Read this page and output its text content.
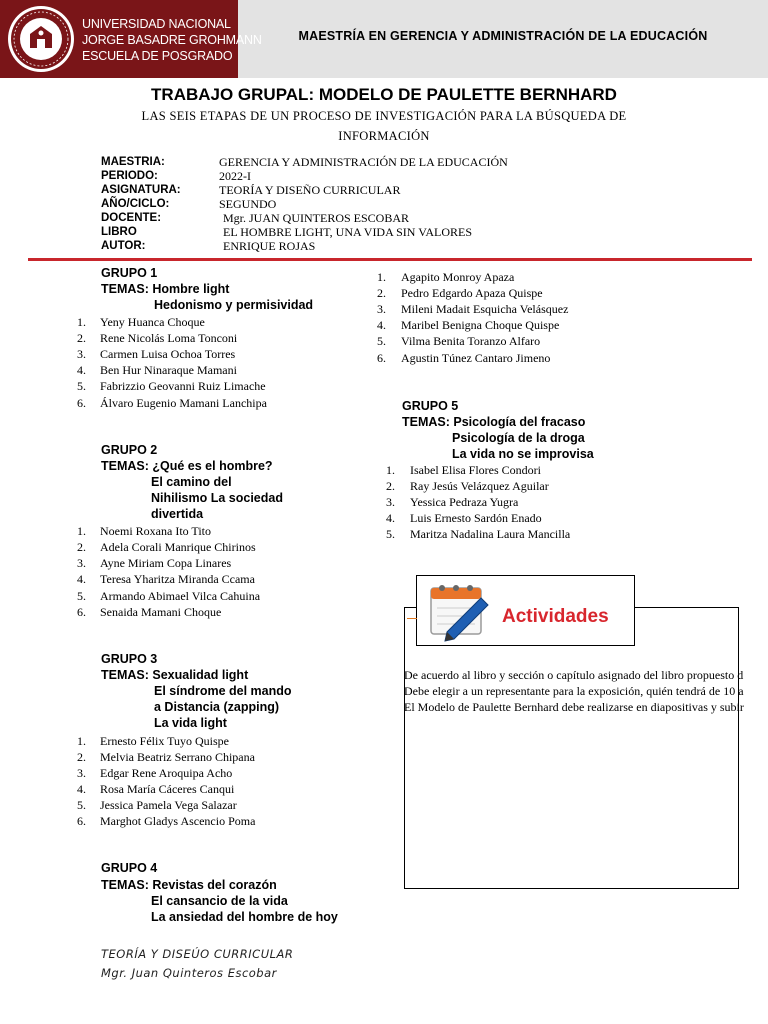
UNIVERSIDAD NACIONAL
JORGE BASADRE GROHMANN
ESCUELA DE POSGRADO
MAESTRÍA EN GERENCIA Y ADMINISTRACIÓN DE LA EDUCACIÓN
TRABAJO GRUPAL: MODELO DE PAULETTE BERNHARD
LAS SEIS ETAPAS DE UN PROCESO DE INVESTIGACIÓN PARA LA BÚSQUEDA DE
INFORMACIÓN
MAESTRIA:	GERENCIA Y ADMINISTRACIÓN DE LA EDUCACIÓN
PERIODO:	2022-I
ASIGNATURA:	TEORÍA Y DISEÑO CURRICULAR
AÑO/CICLO:	SEGUNDO
DOCENTE:	Mgr. JUAN QUINTEROS ESCOBAR
LIBRO	EL HOMBRE LIGHT, UNA VIDA SIN VALORES
AUTOR:	ENRIQUE ROJAS
GRUPO 1
TEMAS: Hombre light
Hedonismo y permisividad
1. Yeny Huanca Choque
2. Rene Nicolás Loma Tonconi
3. Carmen Luisa Ochoa Torres
4. Ben Hur Ninaraque Mamani
5. Fabrizzio Geovanni Ruiz Limache
6. Álvaro Eugenio Mamani Lanchipa
GRUPO 2
TEMAS: ¿Qué es el hombre?
El camino del
Nihilismo La sociedad
divertida
1. Noemi Roxana Ito Tito
2. Adela Corali Manrique Chirinos
3. Ayne Miriam Copa Linares
4. Teresa Yharitza Miranda Ccama
5. Armando Abimael Vilca Cahuina
6. Senaida Mamani Choque
GRUPO 3
TEMAS: Sexualidad light
El síndrome del mando
a Distancia (zapping)
La vida light
1. Ernesto Félix Tuyo Quispe
2. Melvia Beatriz Serrano Chipana
3. Edgar Rene Aroquipa Acho
4. Rosa María Cáceres Canqui
5. Jessica Pamela Vega Salazar
6. Marghot Gladys Ascencio Poma
GRUPO 4
TEMAS: Revistas del corazón
El cansancio de la vida
La ansiedad del hombre de hoy
1. Agapito Monroy Apaza
2. Pedro Edgardo Apaza Quispe
3. Mileni Madait Esquicha Velásquez
4. Maribel Benigna Choque Quispe
5. Vilma Benita Toranzo Alfaro
6. Agustin Túnez Cantaro Jimeno
GRUPO 5
TEMAS: Psicología del fracaso
Psicología de la droga
La vida no se improvisa
1. Isabel Elisa Flores Condori
2. Ray Jesús Velázquez Aguilar
3. Yessica Pedraza Yugra
4. Luis Ernesto Sardón Enado
5. Maritza Nadalina Laura Mancilla
Actividades
De acuerdo al libro y sección o capítulo asignado del libro propuesto d
Debe elegir a un representante para la exposición, quién tendrá de 10 a
El Modelo de Paulette Bernhard debe realizarse en diapositivas y subir
TEORÍA Y DISEÚO CURRICULAR
Mgr. Juan Quinteros Escobar
